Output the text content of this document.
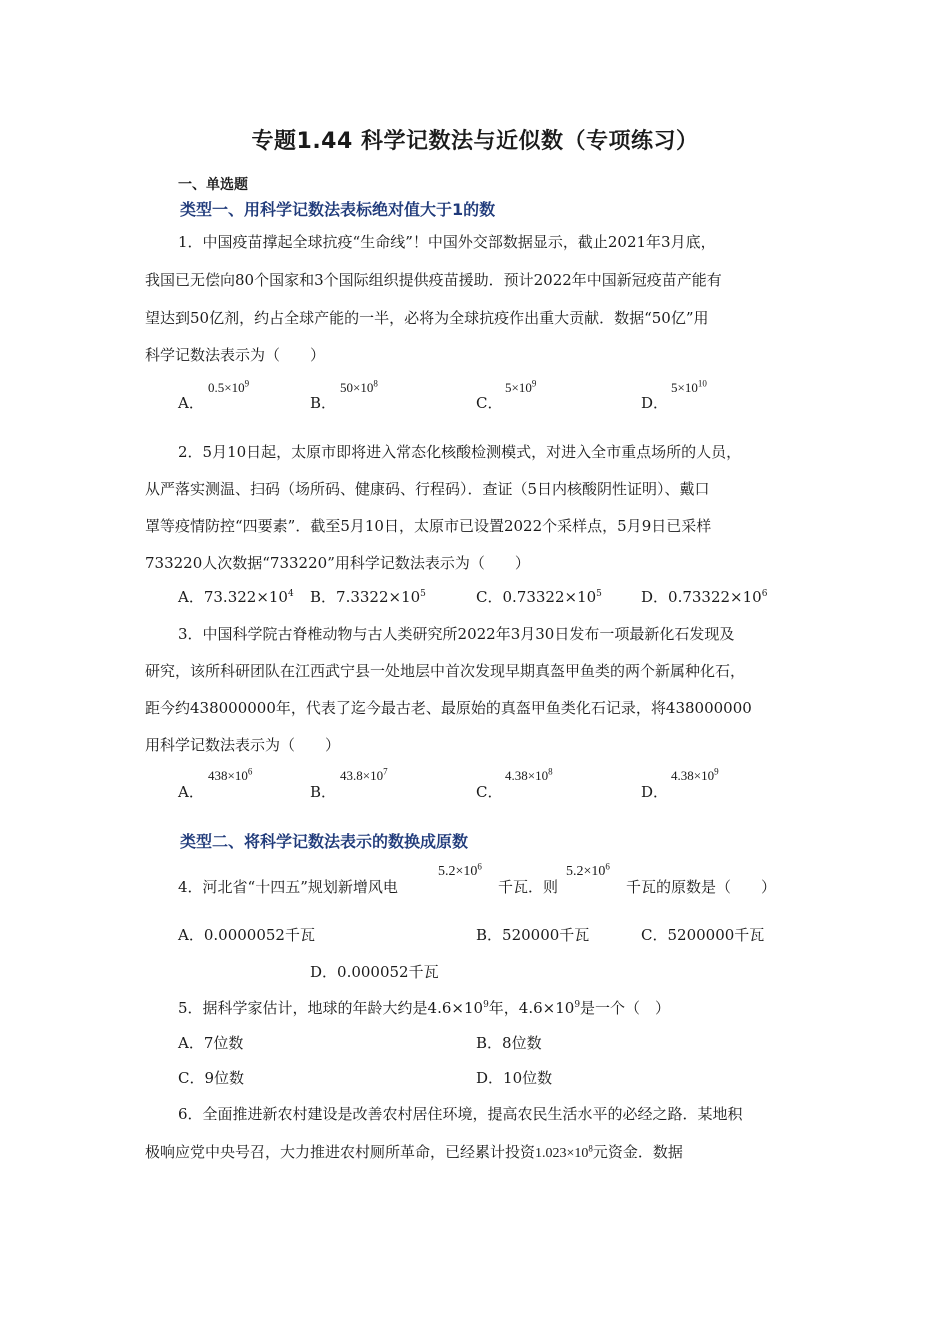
专题1.44 科学记数法与近似数（专项练习）
一、单选题
类型一、用科学记数法表标绝对值大于1的数
1．中国疫苗撑起全球抗疫“生命线”！中国外交部数据显示，截止2021年3月底，
我国已无偿向80个国家和3个国际组织提供疫苗援助．预计2022年中国新冠疫苗产能有
望达到50亿剂，约占全球产能的一半，必将为全球抗疫作出重大贡献．数据“50亿”用
科学记数法表示为（　　）
A．
$0.5\times 10^9$
B．
$50\times 10^8$
C．
$5\times 10^9$
D．
$5\times 10^{10}$
2．5月10日起，太原市即将进入常态化核酸检测模式，对进入全市重点场所的人员，
从严落实测温、扫码（场所码、健康码、行程码）．查证（5日内核酸阴性证明）、戴口
罩等疫情防控“四要素”．截至5月10日，太原市已设置2022个采样点，5月9日已采样
733220人次数据“733220”用科学记数法表示为（　　）
A．$73.322\times 10^4$ B．$7.3322\times 10^5$	C．$0.73322\times 10^5$	D．$0.73322\times 10^6$
3．中国科学院古脊椎动物与古人类研究所2022年3月30日发布一项最新化石发现及
研究，该所科研团队在江西武宁县一处地层中首次发现早期真盔甲鱼类的两个新属种化石，
距今约438000000年，代表了迄今最古老、最原始的真盔甲鱼类化石记录，将438000000
用科学记数法表示为（　　）
A．
$438\times 10^6$
B．
$43.8\times 10^7$
C．
$4.38\times 10^8$
D．
$4.38\times 10^9$
类型二、将科学记数法表示的数换成原数
4．河北省“十四五”规划新增风电
$5.2\times 10^6$
千瓦．则
$5.2\times 10^6$
千瓦的原数是（　　）
A．0.0000052千瓦	B．520000千瓦	C．5200000千瓦
D．0.000052千瓦
5．据科学家估计，地球的年龄大约是$4.6\times 10^9$年，$4.6\times 10^9$是一个（　）
A．7位数	B．8位数
C．9位数	D．10位数
6．全面推进新农村建设是改善农村居住环境，提高农民生活水平的必经之路．某地积
极响应党中央号召，大力推进农村厕所革命，已经累计投资$1.023\times 10^8$元资金．数据
